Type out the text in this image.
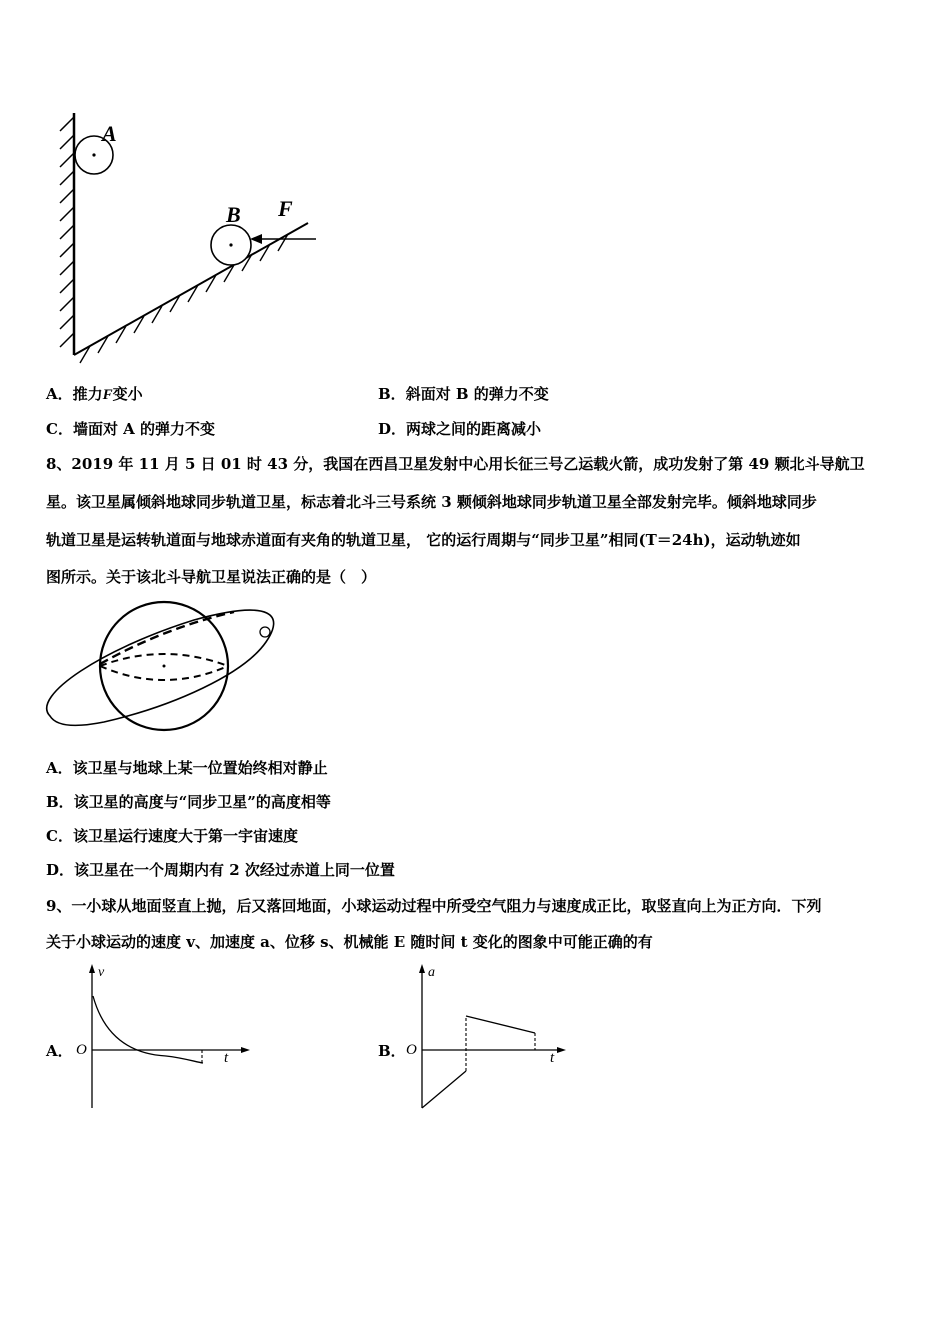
A
B F
A．推力F变小	B．斜面对 B 的弹力不变
C．墙面对 A 的弹力不变	D．两球之间的距离减小
8、2019 年 11 月 5 日 01 时 43 分，我国在西昌卫星发射中心用长征三号乙运载火箭，成功发射了第 49 颗北斗导航卫
星。该卫星属倾斜地球同步轨道卫星，标志着北斗三号系统 3 颗倾斜地球同步轨道卫星全部发射完毕。倾斜地球同步
轨道卫星是运转轨道面与地球赤道面有夹角的轨道卫星， 它的运行周期与“同步卫星”相同(T＝24h)，运动轨迹如
图所示。关于该北斗导航卫星说法正确的是（　）
A．该卫星与地球上某一位置始终相对静止
B．该卫星的高度与“同步卫星”的高度相等
C．该卫星运行速度大于第一宇宙速度
D．该卫星在一个周期内有 2 次经过赤道上同一位置
9、一小球从地面竖直上抛，后又落回地面，小球运动过程中所受空气阻力与速度成正比，取竖直向上为正方向．下列
关于小球运动的速度 v、加速度 a、位移 s、机械能 E 随时间 t 变化的图象中可能正确的有
A．
v
O	t	B．
a
O	t
